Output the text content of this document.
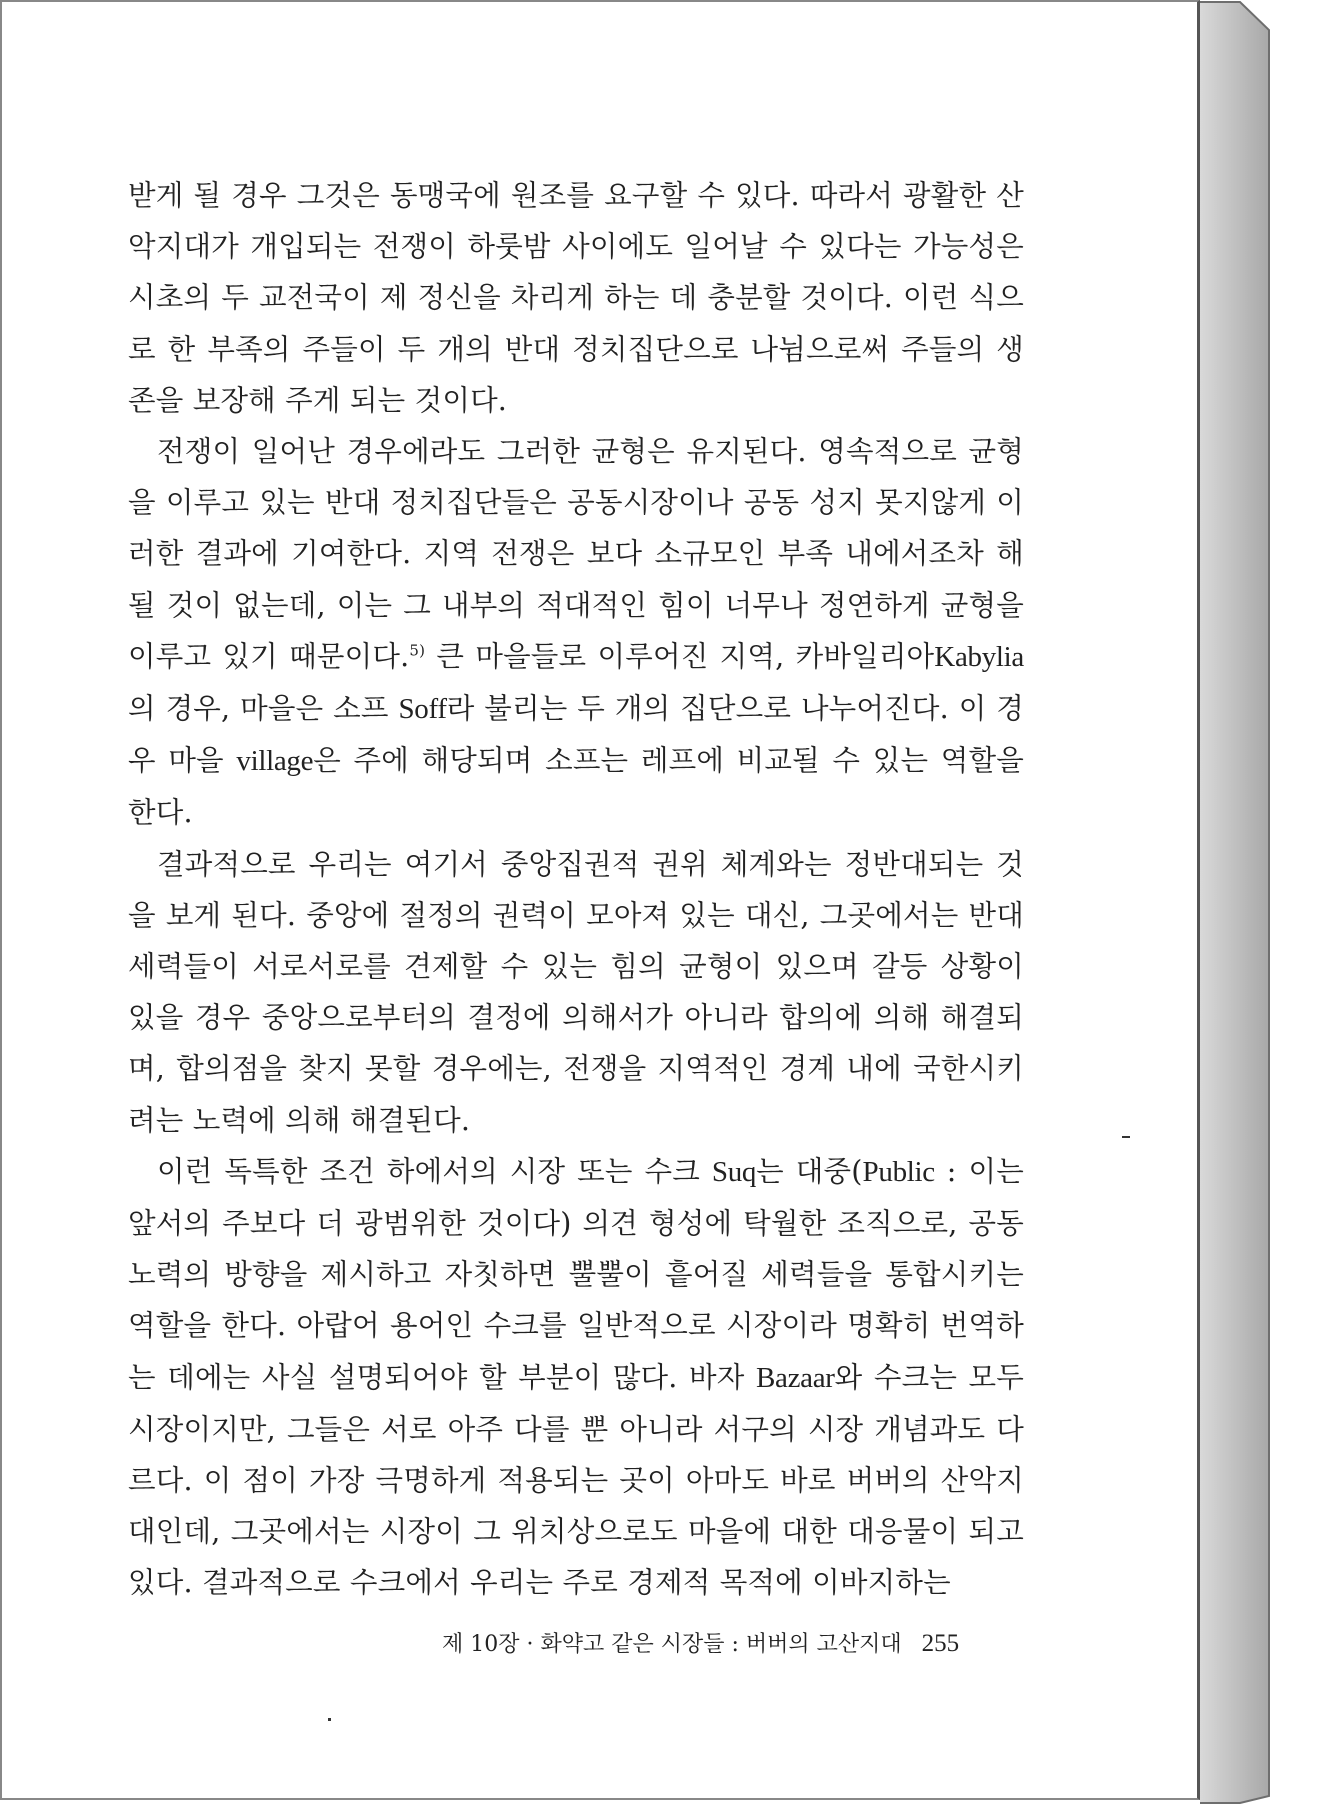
받게 될 경우 그것은 동맹국에 원조를 요구할 수 있다. 따라서 광활한 산악지대가 개입되는 전쟁이 하룻밤 사이에도 일어날 수 있다는 가능성은 시초의 두 교전국이 제 정신을 차리게 하는 데 충분할 것이다. 이런 식으로 한 부족의 주들이 두 개의 반대 정치집단으로 나뉨으로써 주들의 생존을 보장해 주게 되는 것이다.

전쟁이 일어난 경우에라도 그러한 균형은 유지된다. 영속적으로 균형을 이루고 있는 반대 정치집단들은 공동시장이나 공동 성지 못지않게 이러한 결과에 기여한다. 지역 전쟁은 보다 소규모인 부족 내에서조차 해될 것이 없는데, 이는 그 내부의 적대적인 힘이 너무나 정연하게 균형을 이루고 있기 때문이다.$^{5)}$ 큰 마을들로 이루어진 지역, 카바일리아Kabylia의 경우, 마을은 소프 Soff라 불리는 두 개의 집단으로 나누어진다. 이 경우 마을 village은 주에 해당되며 소프는 레프에 비교될 수 있는 역할을 한다.

결과적으로 우리는 여기서 중앙집권적 권위 체계와는 정반대되는 것을 보게 된다. 중앙에 절정의 권력이 모아져 있는 대신, 그곳에서는 반대 세력들이 서로서로를 견제할 수 있는 힘의 균형이 있으며 갈등 상황이 있을 경우 중앙으로부터의 결정에 의해서가 아니라 합의에 의해 해결되며, 합의점을 찾지 못할 경우에는, 전쟁을 지역적인 경계 내에 국한시키려는 노력에 의해 해결된다.

이런 독특한 조건 하에서의 시장 또는 수크 Suq는 대중(Public : 이는 앞서의 주보다 더 광범위한 것이다) 의견 형성에 탁월한 조직으로, 공동 노력의 방향을 제시하고 자칫하면 뿔뿔이 흩어질 세력들을 통합시키는 역할을 한다. 아랍어 용어인 수크를 일반적으로 시장이라 명확히 번역하는 데에는 사실 설명되어야 할 부분이 많다. 바자 Bazaar와 수크는 모두 시장이지만, 그들은 서로 아주 다를 뿐 아니라 서구의 시장 개념과도 다르다. 이 점이 가장 극명하게 적용되는 곳이 아마도 바로 버버의 산악지대인데, 그곳에서는 시장이 그 위치상으로도 마을에 대한 대응물이 되고 있다. 결과적으로 수크에서 우리는 주로 경제적 목적에 이바지하는

제 10장 · 화약고 같은 시장들 : 버버의 고산지대 255
